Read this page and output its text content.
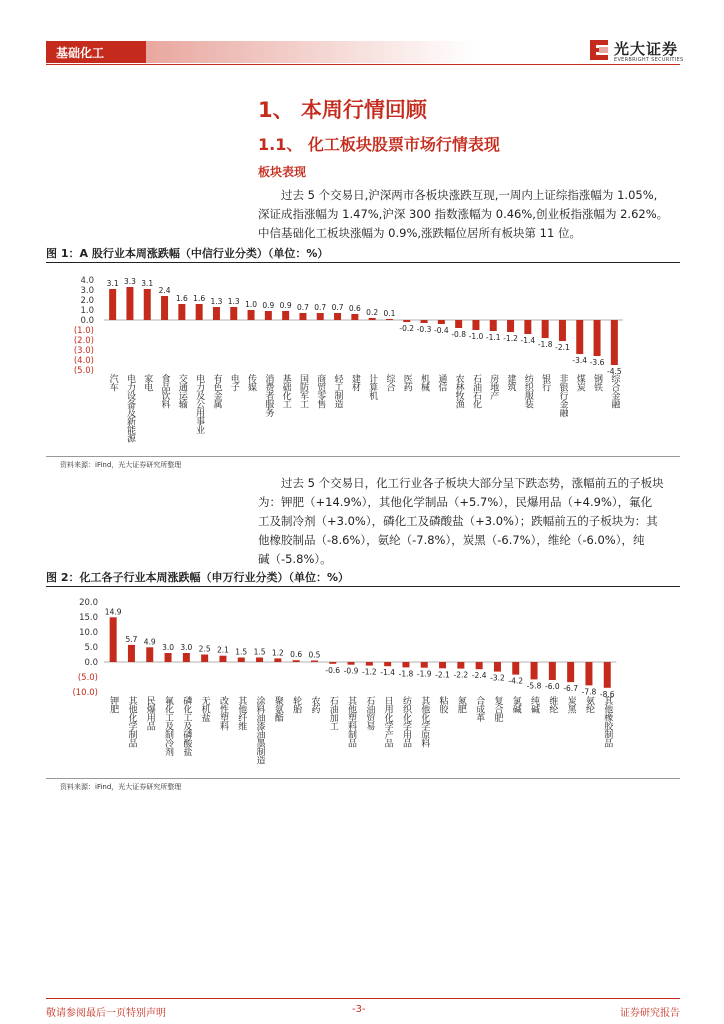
基础化工	光大证券
EVERBRIGHT SECURITIES
1、 本周行情回顾
1.1、 化工板块股票市场行情表现
板块表现
过去 5 个交易日,沪深两市各板块涨跌互现,一周内上证综指涨幅为 1.05%,
深证成指涨幅为 1.47%,沪深 300 指数涨幅为 0.46%,创业板指涨幅为 2.62%。
中信基础化工板块涨幅为 0.9%,涨跌幅位居所有板块第 11 位。
图 1：A 股行业本周涨跌幅（中信行业分类）（单位：%）
4.0
3.0
2.0
1.0
0.0
(1.0)
(2.0)
(3.0)
(4.0)
(5.0)
3.1
汽车
3.3
电力设备及新能源
3.1
家电
2.4
食品饮料
1.6
交通运输
1.6
电力及公用事业
1.3
有色金属
1.3
电子
1.0
传媒
0.9
消费者服务
0.9
基础化工
0.7
国防军工
0.7
商贸零售
0.7
轻工制造
0.6
建材
0.2
计算机
0.1
综合
-0.2
医药
-0.3
机械
-0.4
通信
-0.8
农林牧渔
-1.0
石油石化
-1.1
房地产
-1.2
建筑
-1.4
纺织服装
-1.8
银行
-2.1
非银行金融
-3.4
煤炭
-3.6
钢铁
-4.5
综合金融
资料来源：iFind，光大证券研究所整理
过去 5 个交易日，化工行业各子板块大部分呈下跌态势，涨幅前五的子板块
为：钾肥（+14.9%），其他化学制品（+5.7%），民爆用品（+4.9%），氟化
工及制冷剂（+3.0%），磷化工及磷酸盐（+3.0%）；跌幅前五的子板块为：其
他橡胶制品（-8.6%），氨纶（-7.8%），炭黑（-6.7%），维纶（-6.0%），纯
碱（-5.8%）。
图 2：化工各子行业本周涨跌幅（申万行业分类）（单位：%）
20.0
15.0
10.0
5.0
0.0
(5.0)
(10.0)
14.9
钾肥
5.7
其他化学制品
4.9
民爆用品
3.0
氟化工及制冷剂
3.0
磷化工及磷酸盐
2.5
无机盐
2.1
改性塑料
1.5
其他纤维
1.5
涂料油漆油墨制造
1.2
聚氨酯
0.6
轮胎
0.5
农药
-0.6
石油加工
-0.9
其他塑料制品
-1.2
石油贸易
-1.4
日用化学产品
-1.8
纺织化学用品
-1.9
其他化学原料
-2.1
粘胶
-2.2
氮肥
-2.4
合成革
-3.2
复合肥
-4.2
氯碱
-5.8
纯碱
-6.0
维纶
-6.7
炭黑
-7.8
氨纶
-8.6
其他橡胶制品
资料来源：iFind，光大证券研究所整理
敬请参阅最后一页特别声明	-3-	证券研究报告
